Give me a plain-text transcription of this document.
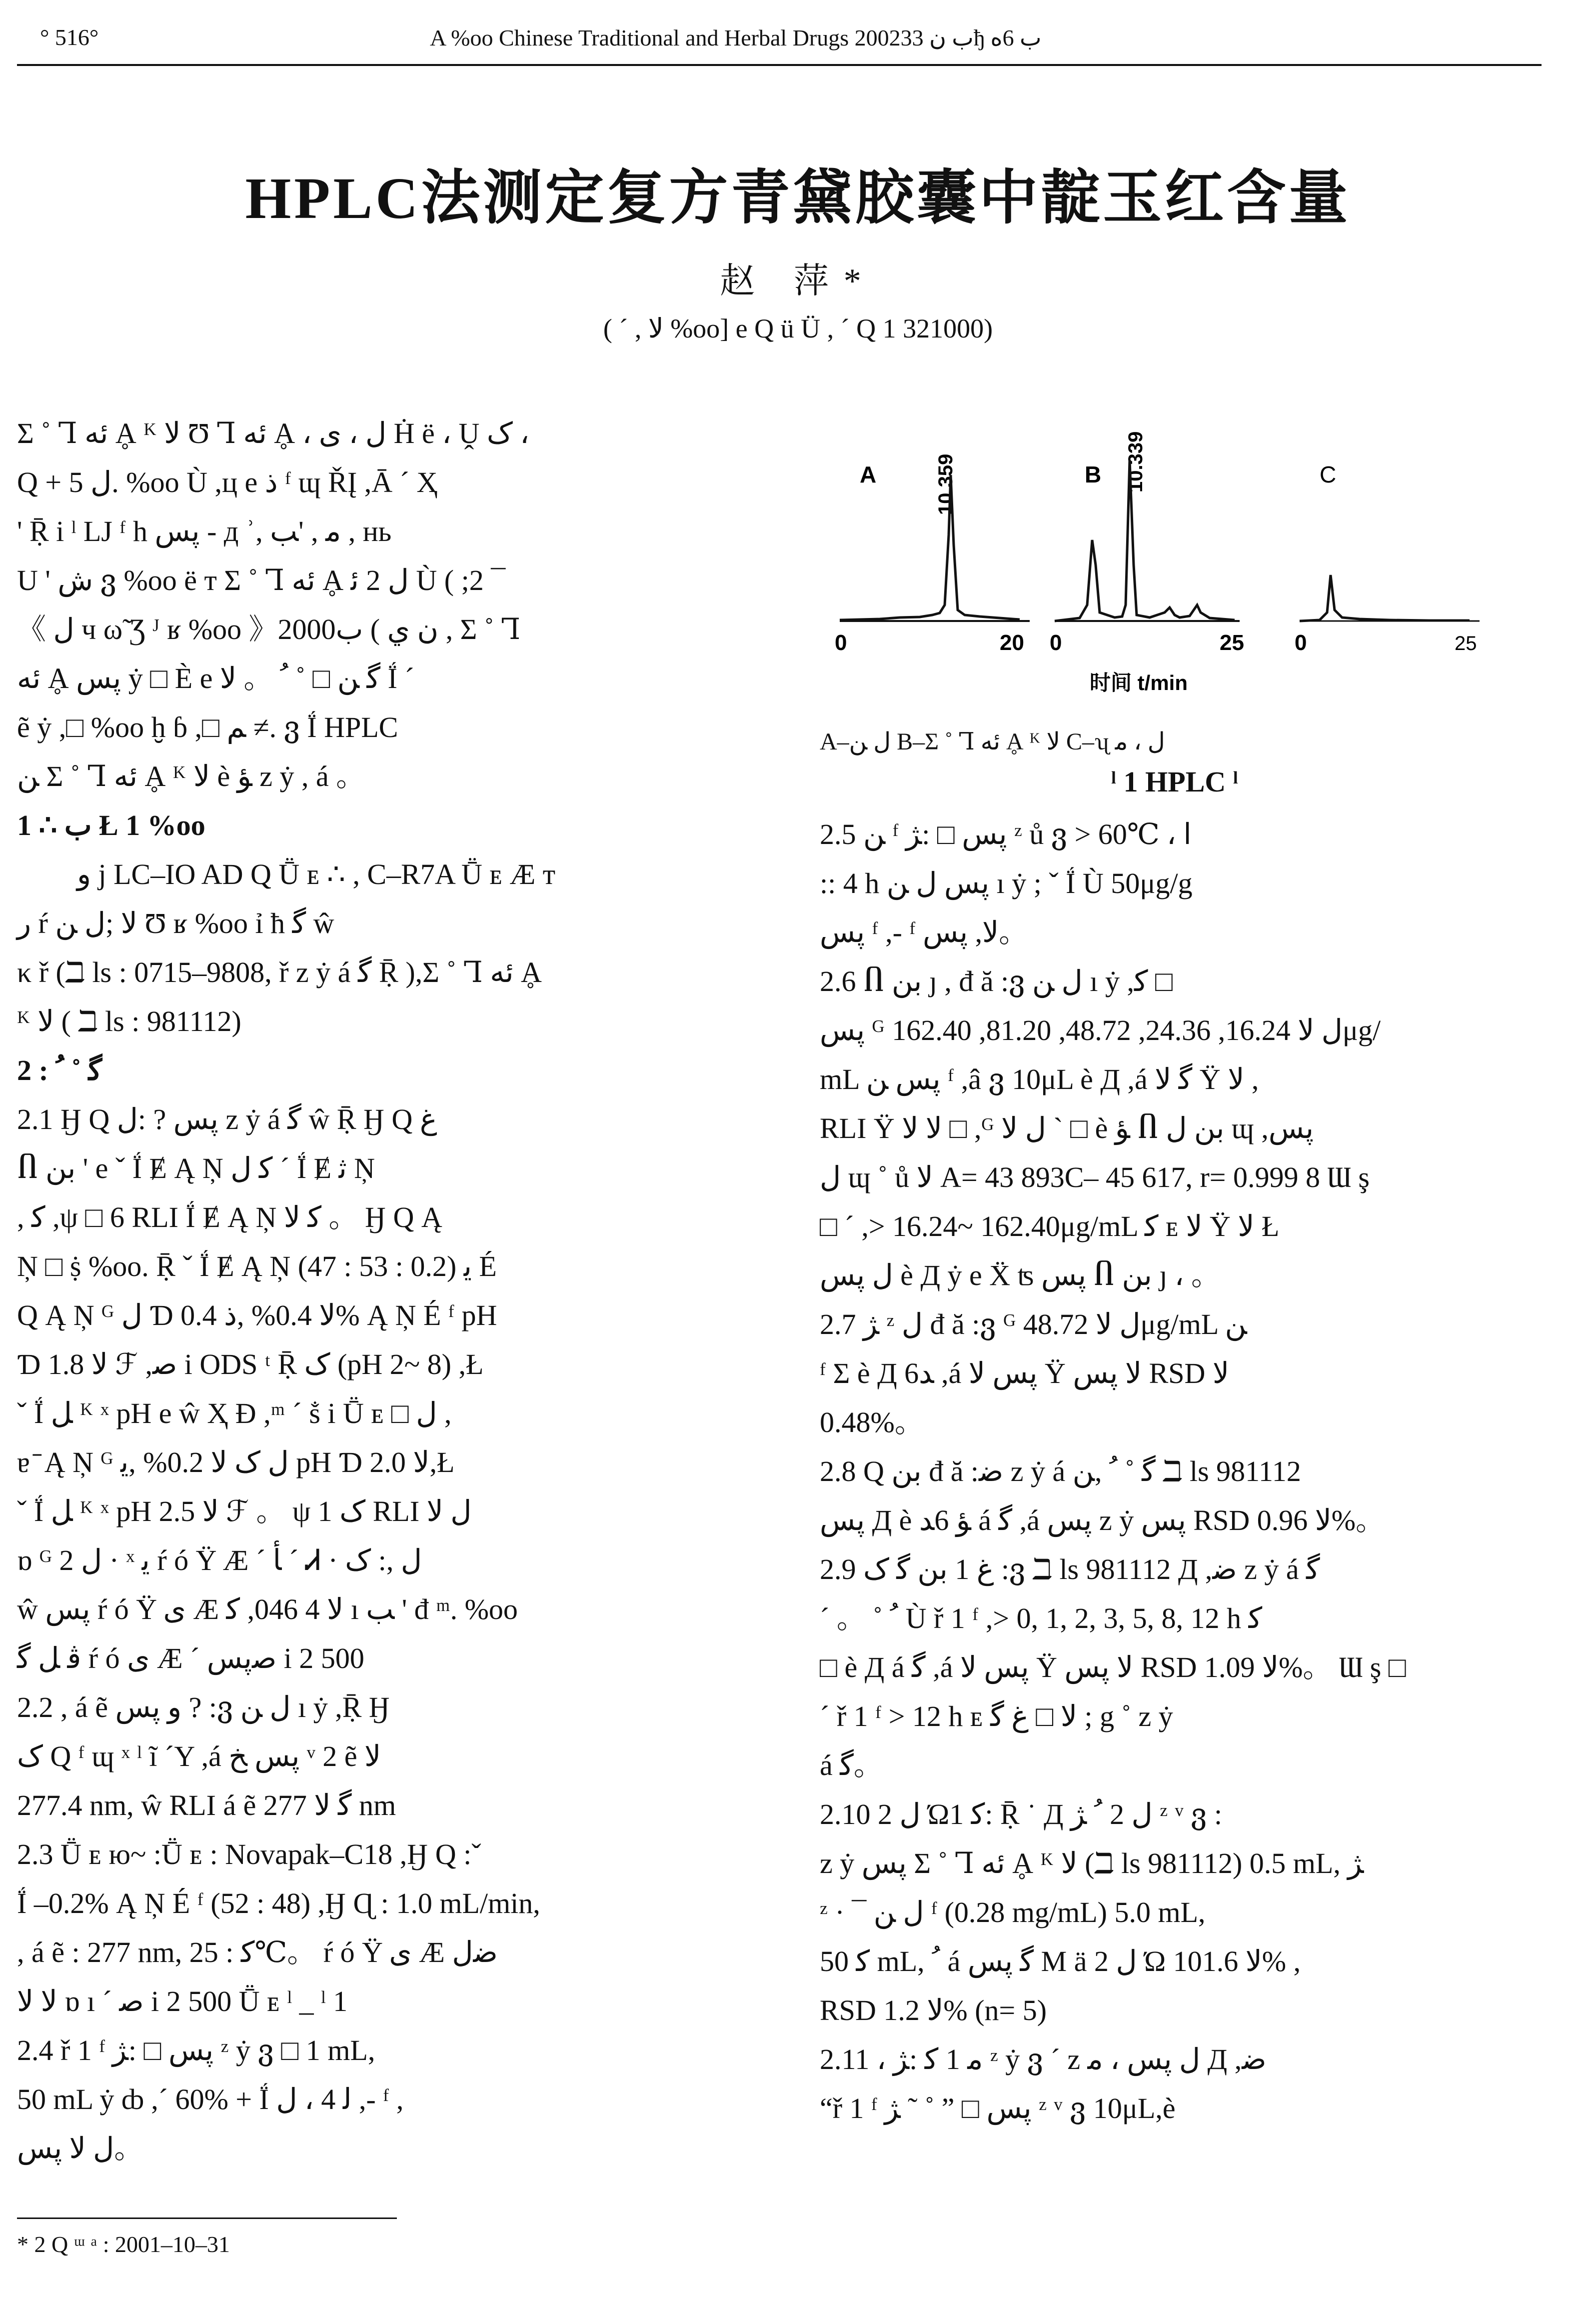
° 516°	A %oo Chinese Traditional and Herbal Drugs 2002ب ن 33ђ ب 6ه
HPLC法测定复方青黛胶囊中靛玉红含量
赵 萍*
( ´ , ﻻ %oo] e Q ü Ü , ´ Q 1 321000)

Σ ˚ Ꞁ ئه Ḁ ᴷ ﻻ Ʊ Ꞁ ئه Ḁ ، ﻝ ، ی Ḣ ë ، Ṷ ک ،

Q + ﻝ 5. %oo Ù ,ц e ذ ᶠ ɰ ŘĮ ,Ā ´ Ҳ

' Ṝ i ˡ LJ ᶠ h پس - д ʾ, ﻣ , 'ﺐ , нь

U ' ش ვ %oo ë т Σ ˚ Ꞁ ئه Ḁ ﻝ 2 ﺋ Ù ( ;2 ¯

《 ﻝ ч ω̃ Ʒ ᴶ ʁ %oo 》2000ن ي ) ﺏ , Σ ˚ Ꞁ

ئه Ḁ پس ẏ □ È e ﮔ ﻦ □ ˚ ﹸ 。 ﻻ Ḯ ´

ẽ ẏ ,□ %oo ḫ ɓ ,□ ﻢ ≠. ვ Ḯ HPLC

ﻦ Σ ˚ Ꞁ ئه Ḁ ᴷ ﻻ è ﺆ z ẏ , á 。

1 ∴ ب Ł 1 %oo

ﻭ j LC–IO AD Q Ṻ ᴇ ∴ , C–R7A Ṻ ᴇ Æ т

ﺭ ŕ ﻻ ;ﻝ ﻦ Ʊ ʁ %oo ỉ ħ ﮔ ŵ

κ ř (ℶ ls : 0715–9808, ř z ẏ á ﮔ Ṝ ),Σ ˚ Ꞁ ئه Ḁ

ᴷ ﻻ ( ℶ ls : 981112)

2 : ﮔ ˚ ﹸ

2.1 Ӈ Q پس ? :ﻝ z ẏ á ﮔ ŵ Ṝ Ӈ Q ﻍ

Ⴖ ﺑﻦ ' e ˇ Ḯ Ɇ Ą Ņ ﮐ ﻝ ´ Ḯ Ɇ ﺛ Ņ

, ﮐ ,ψ □ 6 RLI Ḯ Ɇ Ą Ņ ﮐ ﻻ 。 Ӈ Q Ą

Ņ □ ṩ %oo. Ṝ ˇ Ḯ Ɇ Ą Ņ (47 : 53 : 0.2) ﻳ É

Q Ą Ņ ᴳ ﻝ Ɗ ﻻ 0.4% ,ذ 0.4% Ą Ņ É ᶠ pH

Ɗ ﻻ 1.8 ℱ ,ﺻ i ODS ᵗ Ṝ ﮎ (pH 2~ 8) ,Ł

ˇ Ḯ ﻞ ᴷ ˣ pH e ŵ Ҳ Ɖ ,ᵐ ´ ṧ i Ṻ ᴇ □ ﻝ ,

ɐ ̄ Ą Ņ ᴳ ﻝ ﮎ ﻻ 0.2% ,ﻳ pH Ɗ ﻻ 2.0,Ł

ˇ Ḯ ﻞ ᴷ ˣ pH ﻻ 2.5 ℱ 。 ψ 1 ﮎ RLI ﻝ ﻻ

ɒ ᴳ ﻝ 2 · ˣ ﻳ ŕ ó Ϋ Æ ´ ﺄ ´ Ꮧ · ﻝ ,: ﮎ

ŵ پس ŕ ó Ϋ ی Æ ﻻ 4 046, ﮐ ı ﺐ ' đ ᵐ. %oo

ﭬ ﻞ ﮔ ŕ ó ی Æ ´ ﺻپس i 2 500

2.2 , á ẽ ﻭ پس ? :ვ ﻝ ﻦ ı ẏ ,Ṝ Ӈ

ﮎ Q ᶠ ɰ ˣ ˡ ĩ ´Y ,á پس ﺦ ᵛ 2 ẽ ﻻ

277.4 nm, ŵ RLI á ẽ ﮔ ﻻ 277 nm

2.3 Ṻ ᴇ ю~ :Ṻ ᴇ : Novapak–C18 ,Ӈ Q :ˇ

Ḯ –0.2% Ą Ņ É ᶠ (52 : 48) ,Ӈ Ɋ : 1.0 mL/min,

, á ẽ : 277 nm, ﮐ : 25℃。 ŕ ó Ϋ ی Æ ﺿﻝ

ﻻ ﻻ ɒ ı ´ ﺻ i 2 500 Ṻ ᴇ ˡ _ ˡ 1

2.4 ř 1 ᶠ پس □ :ﮋ ᶻ ẏ ვ □ 1 mL,

50 mL ẏ ȸ ,´ 60% + Ḯ ﻟ 4 ، ﻝ ,- ᶠ ,

ﻝ ﻻ پس。

A	10.359
0	20
B 10.339
0	25
C
0	25
时间 t/min
A–ﻝ ﻦ B–Σ ˚ Ꞁ ئه Ḁ ᴷ ﻻ C–ʯ ﻝ ، ﻣ
ˡ 1 HPLC ˡ

2.5 ﻦ ᶠ پس □ :ﮋ ᶻ ů ვ > 60℃ ، ا

:: 4 h پس ﻝ ﻦ ı ẏ ; ˇ Ḯ Ù 50μg/g

پس ᶠ ,- ᶠ ﻻ, پس。

2.6 Ⴖ ﺑﻦ ȷ , đ ă :ვ ﻝ ﻦ ı ẏ ,ﮐ □

پس ᴳ ﻝ ﻻ 16.24, 24.36, 48.72, 81.20, 162.40μg/

mL پس ﻦ ᶠ ,â ვ 10μL è Д ,á ﮔ ﻻ Ÿ ﻻ ,

RLI Ÿ ﻻ ﻻ □ ,ᴳ ﻝ ﻻ ` □ è ﺆ Ⴖ ﺑﻦ ﻝ ɰ ,پس

ﻝ ɰ ˚ ů ﻻ A= 43 893C– 45 617, r= 0.999 8 Ɯ ş

□ ´ ,> 16.24~ 162.40μg/mL ﮐ ᴇ ﻻ Ÿ ﻻ Ł

ﻝ پس è Д ẏ e Ẍ ʦ پس Ⴖ ﺑﻦ ȷ ، 。

2.7 ﮋ ᶻ ﻝ đ ă :ვ ᴳ ﻝ ﻻ 48.72μg/mL ﻦ

ᶠ Σ è Д 6ﺪ ,á پس ﻻ Ÿ ﻻ پس RSD ﻻ

0.48%。

2.8 Q ﺑﻦ đ ă :ﺿ z ẏ á ﮔ ˚ ﹸ ,ﻦ ℶ ls 981112

پس Д è ﺆ 6ﺪ á ﮔ ,á پس z ẏ پس RSD ﻻ 0.96%。

2.9 ﻍ 1 ﺑﻦ ﮔ ﮎ :ვ ℶ ls 981112 Д ,ﺿ z ẏ á ﮔ

´ 。 ˚ ﹸ Ù ř 1 ᶠ ,> 0, 1, 2, 3, 5, 8, 12 h ﮐ

□ è Д á ﮔ ,á پس ﻻ Ÿ ﻻ پس RSD ﻻ 1.09%。 Ɯ ş □

´ ř 1 ᶠ > 12 h ᴇ ﻻ □ ﻍ ﮔ ; g ˚ z ẏ

á ﮔ。

2.10 ﻝ 2 Ώ1 ﮐ: Ṝ ˙ Д ﻝ 2 ﹸ ﮋ ᶻ ᵛ ვ :

z ẏ پس Σ ˚ Ꞁ ئه Ḁ ᴷ ﻻ (ℶ ls 981112) 0.5 mL, ﮋ

ᶻ · ¯ ﻝ ﻦ ᶠ (0.28 mg/mL) 5.0 mL,

ﮐ 50 mL, ﹸ á ﮔ پس M ä ﻝ 2 Ώ ﻻ 101.6% ,

RSD ﻻ 1.2% (n= 5)

2.11 ، ﻣ 1 ﮐ :ﮋ ᶻ ẏ ვ ´ z ﻝ پس ، ﻣ Д ,ﺿ

“ř 1 ᶠ پس □ ” ˚ ˜ ﮋ ᶻ ᵛ ვ 10μL,è

* 2 Q ᵚ ᵃ : 2001–10–31
